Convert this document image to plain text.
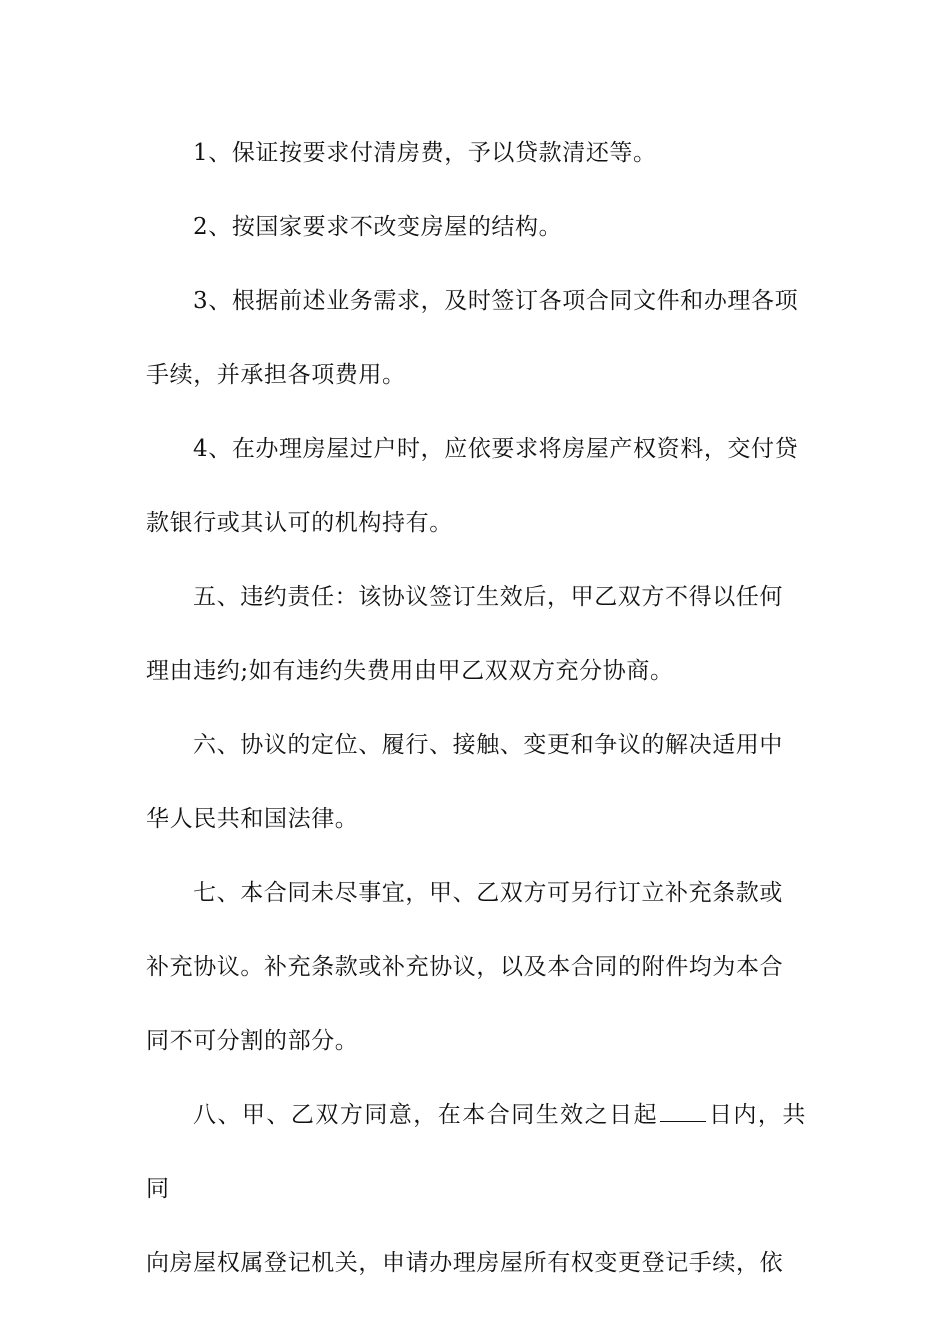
1、保证按要求付清房费，予以贷款清还等。

2、按国家要求不改变房屋的结构。

3、根据前述业务需求，及时签订各项合同文件和办理各项
手续，并承担各项费用。

4、在办理房屋过户时，应依要求将房屋产权资料，交付贷
款银行或其认可的机构持有。

五、违约责任：该协议签订生效后，甲乙双方不得以任何
理由违约;如有违约失费用由甲乙双双方充分协商。

六、协议的定位、履行、接触、变更和争议的解决适用中
华人民共和国法律。

七、本合同未尽事宜，甲、乙双方可另行订立补充条款或
补充协议。补充条款或补充协议，以及本合同的附件均为本合
同不可分割的部分。

八、甲、乙双方同意，在本合同生效之日起 日内，共同
向房屋权属登记机关，申请办理房屋所有权变更登记手续，依
